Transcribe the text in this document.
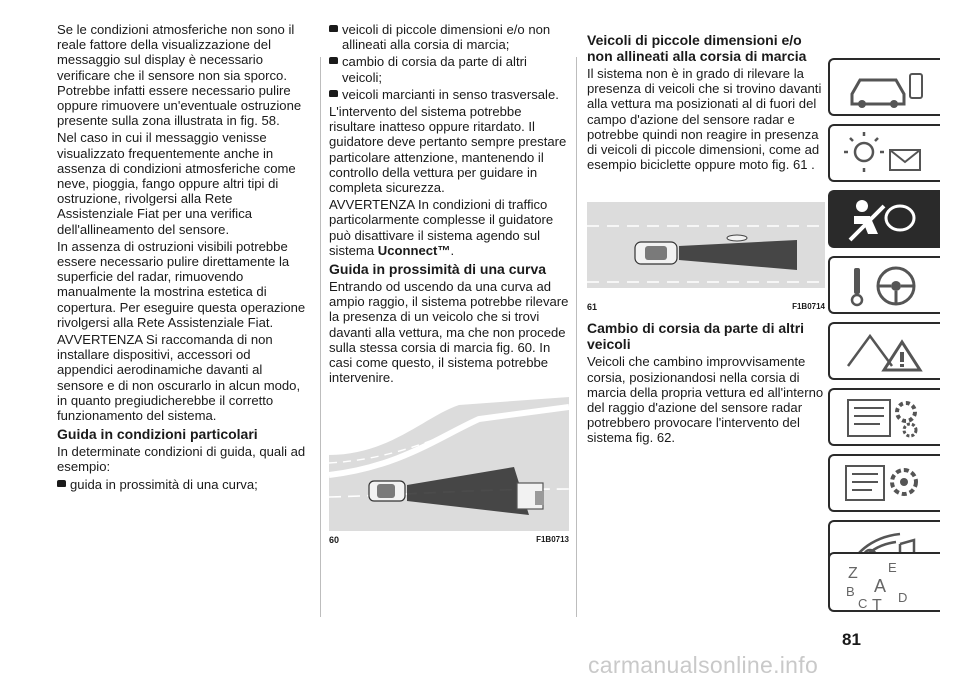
Se le condizioni atmosferiche non sono il reale fattore della visualizzazione del messaggio sul display è necessario verificare che il sensore non sia sporco. Potrebbe infatti essere necessario pulire oppure rimuovere un'eventuale ostruzione presente sulla zona illustrata in fig. 58.

Nel caso in cui il messaggio venisse visualizzato frequentemente anche in assenza di condizioni atmosferiche come neve, pioggia, fango oppure altri tipi di ostruzione, rivolgersi alla Rete Assistenziale Fiat per una verifica dell'allineamento del sensore.

In assenza di ostruzioni visibili potrebbe essere necessario pulire direttamente la superficie del radar, rimuovendo manualmente la mostrina estetica di copertura. Per eseguire questa operazione rivolgersi alla Rete Assistenziale Fiat.

AVVERTENZA Si raccomanda di non installare dispositivi, accessori od appendici aerodinamiche davanti al sensore e di non oscurarlo in alcun modo, in quanto pregiudicherebbe il corretto funzionamento del sistema.

Guida in condizioni particolari

In determinate condizioni di guida, quali ad esempio:

guida in prossimità di una curva;

veicoli di piccole dimensioni e/o non allineati alla corsia di marcia;

cambio di corsia da parte di altri veicoli;

veicoli marcianti in senso trasversale.

L'intervento del sistema potrebbe risultare inatteso oppure ritardato. Il guidatore deve pertanto sempre prestare particolare attenzione, mantenendo il controllo della vettura per guidare in completa sicurezza.

AVVERTENZA In condizioni di traffico particolarmente complesse il guidatore può disattivare il sistema agendo sul sistema Uconnect™.

Guida in prossimità di una curva

Entrando od uscendo da una curva ad ampio raggio, il sistema potrebbe rilevare la presenza di un veicolo che si trovi davanti alla vettura, ma che non procede sulla stessa corsia di marcia fig. 60. In casi come questo, il sistema potrebbe intervenire.

60	F1B0713
Veicoli di piccole dimensioni e/o non allineati alla corsia di marcia

Il sistema non è in grado di rilevare la presenza di veicoli che si trovino davanti alla vettura ma posizionati al di fuori del campo d'azione del sensore radar e potrebbe quindi non reagire in presenza di veicoli di piccole dimensioni, come ad esempio biciclette oppure moto fig. 61 .

61	F1B0714
Cambio di corsia da parte di altri veicoli

Veicoli che cambino improvvisamente corsia, posizionandosi nella corsia di marcia della propria vettura ed all'interno del raggio d'azione del sensore radar potrebbero provocare l'intervento del sistema fig. 62.

Z E
B A
C T D
81
carmanualsonline.info
